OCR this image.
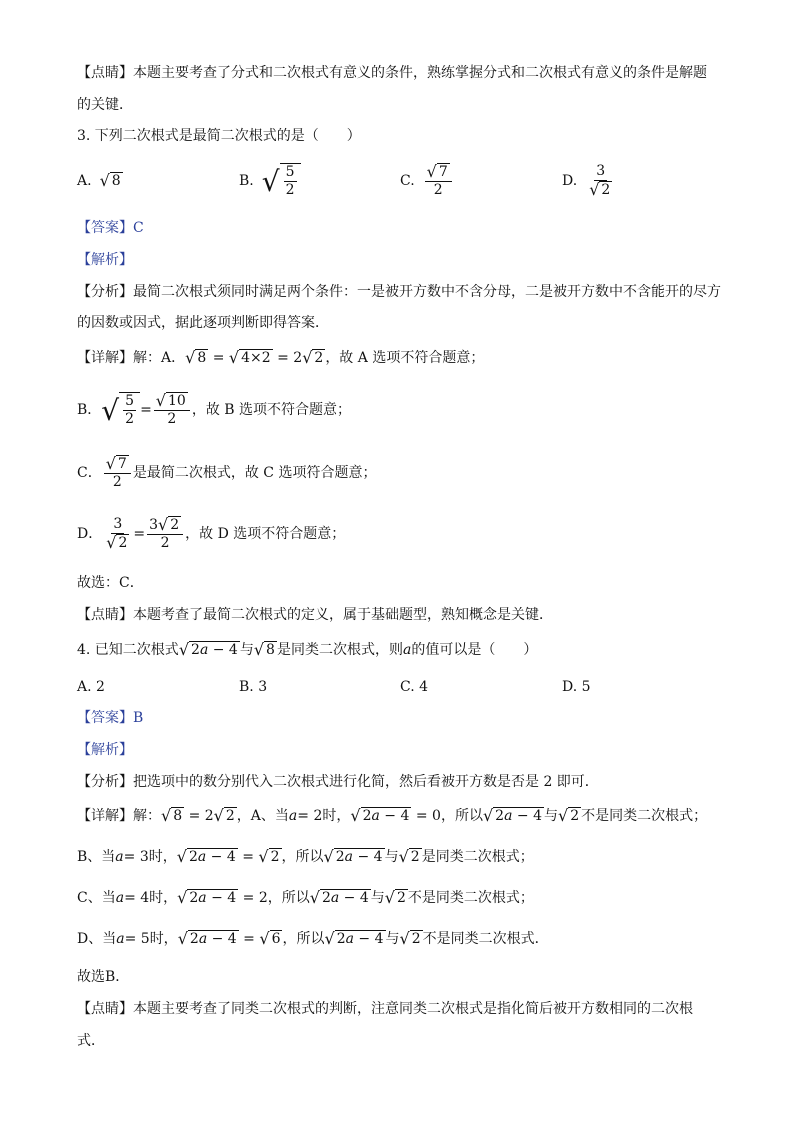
【点睛】本题主要考查了分式和二次根式有意义的条件，熟练掌握分式和二次根式有意义的条件是解题
的关键．
3. 下列二次根式是最简二次根式的是（　　）
A. √ 8	B. √ $\frac{5}{2}$	C. $\frac{√ 7}{2}$	D. $\frac{3}{√ 2}$
【答案】C
【解析】
【分析】最简二次根式须同时满足两个条件：一是被开方数中不含分母，二是被开方数中不含能开的尽方
的因数或因式，据此逐项判断即得答案．
【详解】 解：A． √ 8 = √ 4×2 = 2 √ 2 ，故 A 选项不符合题意；
B． √ $\frac{5}{2} = \frac{√ 10}{2}$ ，故 B 选项不符合题意；
C． $\frac{√ 7}{2}$ 是最简二次根式，故 C 选项符合题意；
D． $\frac{3}{√ 2} = \frac{3 √ 2}{2}$ ，故 D 选项不符合题意；
故选：C．
【点睛】本题考查了最简二次根式的定义，属于基础题型，熟知概念是关键．
4. 已知二次根式 √ 2a − 4 与 √ 8 是同类二次根式，则 a 的值可以是（　　）
A. 2	B. 3	C. 4	D. 5
【答案】B
【解析】
【分析】把选项中的数分别代入二次根式进行化简，然后看被开方数是否是 2 即可．
【详解】 解： √ 8 = 2 √ 2 ，A、当 a = 2 时， √ 2a − 4 = 0 ，所以 √ 2a − 4 与 √ 2 不是同类二次根式；
B、当 a = 3 时， √ 2a − 4 = √ 2 ，所以 √ 2a − 4 与 √ 2 是同类二次根式；
C、当 a = 4 时， √ 2a − 4 = 2 ，所以 √ 2a − 4 与 √ 2 不是同类二次根式；
D、当 a = 5 时， √ 2a − 4 = √ 6 ，所以 √ 2a − 4 与 √ 2 不是同类二次根式．
故选B．
【点睛】本题主要考查了同类二次根式的判断，注意同类二次根式是指化简后被开方数相同的二次根
式．
